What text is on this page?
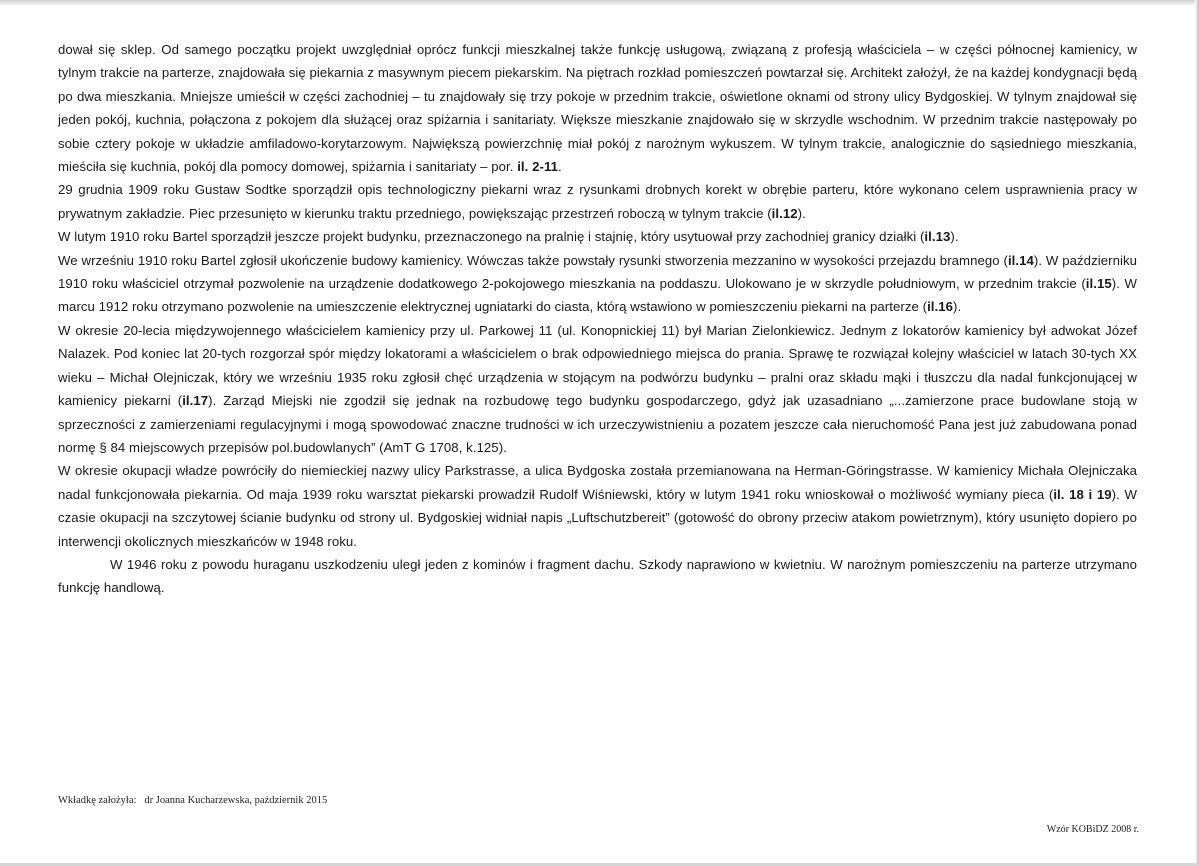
dował się sklep. Od samego początku projekt uwzględniał oprócz funkcji mieszkalnej także funkcję usługową, związaną z profesją właściciela – w części północnej kamienicy, w tylnym trakcie na parterze, znajdowała się piekarnia z masywnym piecem piekarskim. Na piętrach rozkład pomieszczeń powtarzał się. Architekt założył, że na każdej kondygnacji będą po dwa mieszkania. Mniejsze umieścił w części zachodniej – tu znajdowały się trzy pokoje w przednim trakcie, oświetlone oknami od strony ulicy Bydgoskiej. W tylnym znajdował się jeden pokój, kuchnia, połączona z pokojem dla służącej oraz spiżarnia i sanitariaty. Większe mieszkanie znajdowało się w skrzydle wschodnim. W przednim trakcie następowały po sobie cztery pokoje w układzie amfiladowo-korytarzowym. Największą powierzchnię miał pokój z narożnym wykuszem. W tylnym trakcie, analogicznie do sąsiedniego mieszkania, mieściła się kuchnia, pokój dla pomocy domowej, spiżarnia i sanitariaty – por. il. 2-11.

29 grudnia 1909 roku Gustaw Sodtke sporządził opis technologiczny piekarni wraz z rysunkami drobnych korekt w obrębie parteru, które wykonano celem usprawnienia pracy w prywatnym zakładzie. Piec przesunięto w kierunku traktu przedniego, powiększając przestrzeń roboczą w tylnym trakcie (il.12).

W lutym 1910 roku Bartel sporządził jeszcze projekt budynku, przeznaczonego na pralnię i stajnię, który usytuował przy zachodniej granicy działki (il.13).

We wrześniu 1910 roku Bartel zgłosił ukończenie budowy kamienicy. Wówczas także powstały rysunki stworzenia mezzanino w wysokości przejazdu bramnego (il.14). W październiku 1910 roku właściciel otrzymał pozwolenie na urządzenie dodatkowego 2-pokojowego mieszkania na poddaszu. Ulokowano je w skrzydle południowym, w przednim trakcie (il.15). W marcu 1912 roku otrzymano pozwolenie na umieszczenie elektrycznej ugniatarki do ciasta, którą wstawiono w pomieszczeniu piekarni na parterze (il.16).

W okresie 20-lecia międzywojennego właścicielem kamienicy przy ul. Parkowej 11 (ul. Konopnickiej 11) był Marian Zielonkiewicz. Jednym z lokatorów kamienicy był adwokat Józef Nalazek. Pod koniec lat 20-tych rozgorzał spór między lokatorami a właścicielem o brak odpowiedniego miejsca do prania. Sprawę te rozwiązał kolejny właściciel w latach 30-tych XX wieku – Michał Olejniczak, który we wrześniu 1935 roku zgłosił chęć urządzenia w stojącym na podwórzu budynku – pralni oraz składu mąki i tłuszczu dla nadal funkcjonującej w kamienicy piekarni (il.17). Zarząd Miejski nie zgodził się jednak na rozbudowę tego budynku gospodarczego, gdyż jak uzasadniano „...zamierzone prace budowlane stoją w sprzeczności z zamierzeniami regulacyjnymi i mogą spowodować znaczne trudności w ich urzeczywistnieniu a pozatem jeszcze cała nieruchomość Pana jest już zabudowana ponad normę § 84 miejscowych przepisów pol.budowlanych” (AmT G 1708, k.125).

W okresie okupacji władze powróciły do niemieckiej nazwy ulicy Parkstrasse, a ulica Bydgoska została przemianowana na Herman-Göringstrasse. W kamienicy Michała Olejniczaka nadal funkcjonowała piekarnia. Od maja 1939 roku warsztat piekarski prowadził Rudolf Wiśniewski, który w lutym 1941 roku wnioskował o możliwość wymiany pieca (il. 18 i 19). W czasie okupacji na szczytowej ścianie budynku od strony ul. Bydgoskiej widniał napis „Luftschutzbereit” (gotowość do obrony przeciw atakom powietrznym), który usunięto dopiero po interwencji okolicznych mieszkańców w 1948 roku.

W 1946 roku z powodu huraganu uszkodzeniu uległ jeden z kominów i fragment dachu. Szkody naprawiono w kwietniu. W narożnym pomieszczeniu na parterze utrzymano funkcję handlową.

Wkładkę założyła: dr Joanna Kucharzewska, październik 2015
Wzór KOBiDZ 2008 r.
